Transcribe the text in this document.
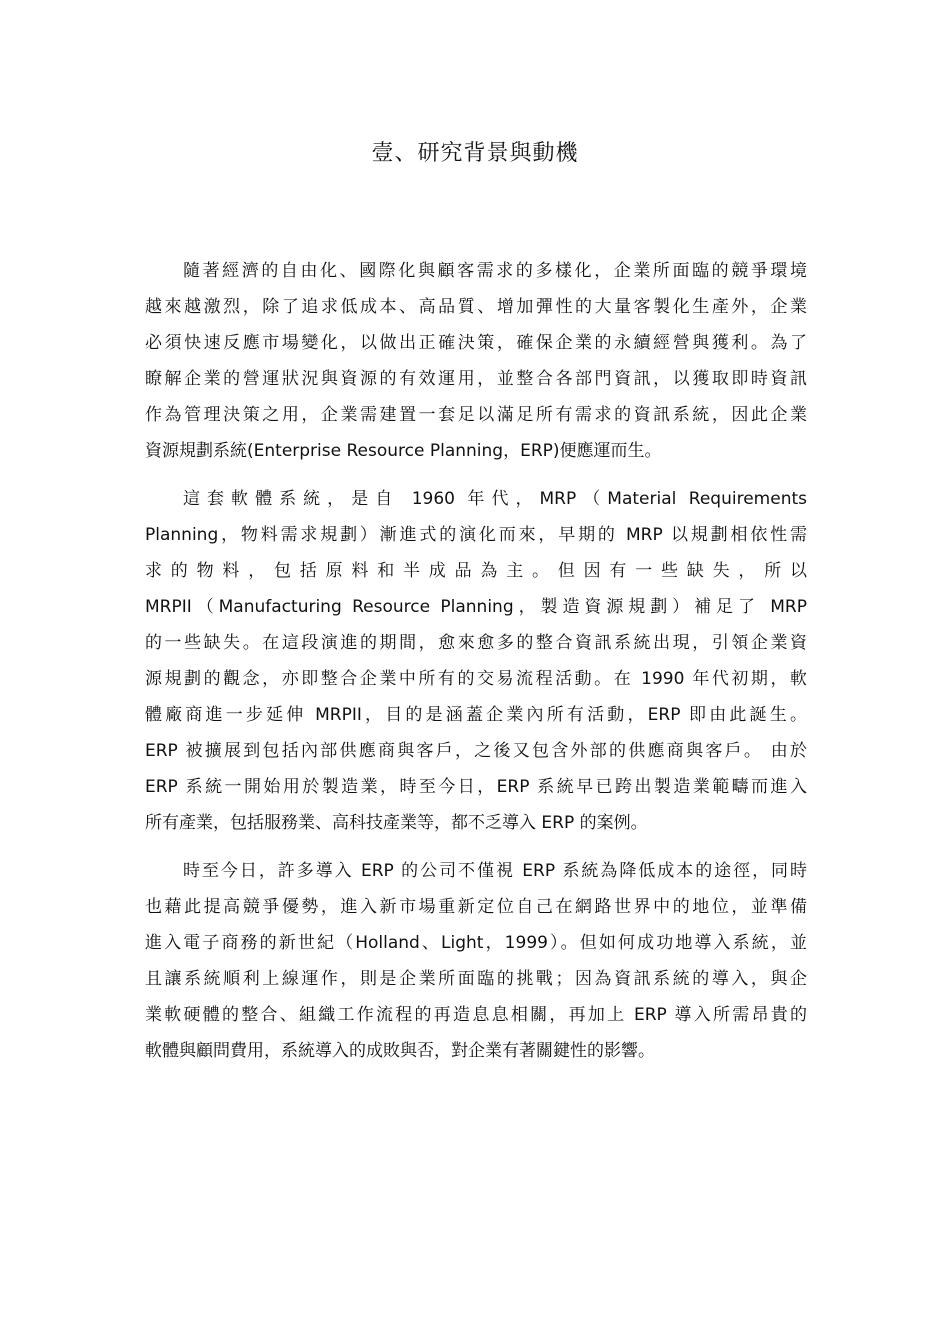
壹、研究背景與動機
隨著經濟的自由化、國際化與顧客需求的多樣化，企業所面臨的競爭環境
越來越激烈，除了追求低成本、高品質、增加彈性的大量客製化生產外，企業
必須快速反應市場變化，以做出正確決策，確保企業的永續經營與獲利。為了
瞭解企業的營運狀況與資源的有效運用，並整合各部門資訊，以獲取即時資訊
作為管理決策之用，企業需建置一套足以滿足所有需求的資訊系統，因此企業
資源規劃系統(Enterprise Resource Planning，ERP)便應運而生。
這套軟體系統，是自 1960 年代，MRP（Material Requirements
Planning，物料需求規劃）漸進式的演化而來，早期的 MRP 以規劃相依性需
求的物料，包括原料和半成品為主。但因有一些缺失，所以
MRPII（Manufacturing Resource Planning，製造資源規劃）補足了 MRP
的一些缺失。在這段演進的期間，愈來愈多的整合資訊系統出現，引領企業資
源規劃的觀念，亦即整合企業中所有的交易流程活動。在 1990 年代初期，軟
體廠商進一步延伸 MRPII，目的是涵蓋企業內所有活動，ERP 即由此誕生。
ERP 被擴展到包括內部供應商與客戶，之後又包含外部的供應商與客戶。 由於
ERP 系統一開始用於製造業，時至今日，ERP 系統早已跨出製造業範疇而進入
所有產業，包括服務業、高科技產業等，都不乏導入 ERP 的案例。
時至今日，許多導入 ERP 的公司不僅視 ERP 系統為降低成本的途徑，同時
也藉此提高競爭優勢，進入新市場重新定位自己在網路世界中的地位，並準備
進入電子商務的新世紀（Holland、Light，1999）。但如何成功地導入系統，並
且讓系統順利上線運作，則是企業所面臨的挑戰；因為資訊系統的導入，與企
業軟硬體的整合、組織工作流程的再造息息相關，再加上 ERP 導入所需昂貴的
軟體與顧問費用，系統導入的成敗與否，對企業有著關鍵性的影響。
